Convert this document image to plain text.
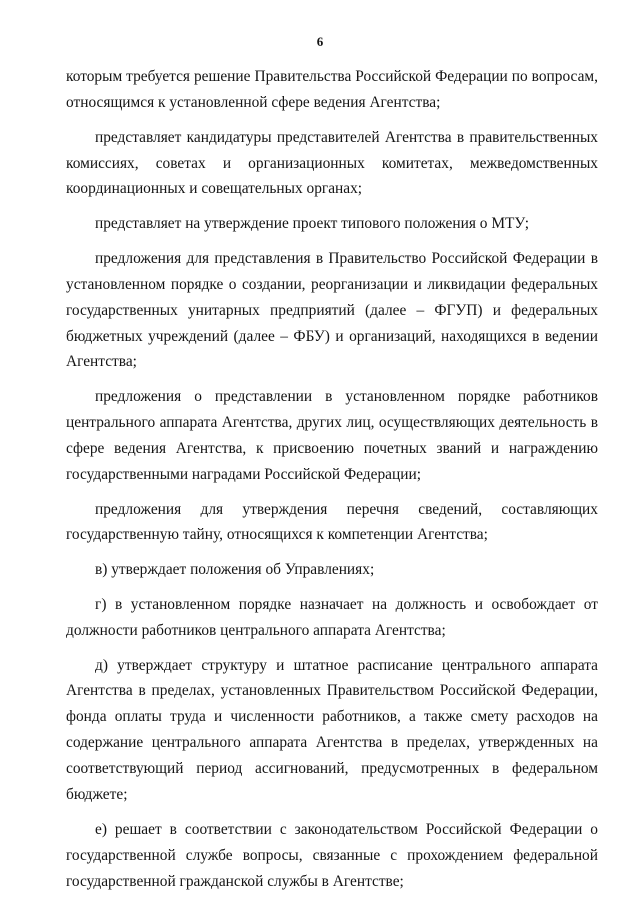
6

которым требуется решение Правительства Российской Федерации по вопросам, относящимся к установленной сфере ведения Агентства;

представляет кандидатуры представителей Агентства в правительственных комиссиях, советах и организационных комитетах, межведомственных координационных и совещательных органах;

представляет на утверждение проект типового положения о МТУ;

предложения для представления в Правительство Российской Федерации в установленном порядке о создании, реорганизации и ликвидации федеральных государственных унитарных предприятий (далее – ФГУП) и федеральных бюджетных учреждений (далее – ФБУ) и организаций, находящихся в ведении Агентства;

предложения о представлении в установленном порядке работников центрального аппарата Агентства, других лиц, осуществляющих деятельность в сфере ведения Агентства, к присвоению почетных званий и награждению государственными наградами Российской Федерации;

предложения для утверждения перечня сведений, составляющих государственную тайну, относящихся к компетенции Агентства;

в) утверждает положения об Управлениях;

г) в установленном порядке назначает на должность и освобождает от должности работников центрального аппарата Агентства;

д) утверждает структуру и штатное расписание центрального аппарата Агентства в пределах, установленных Правительством Российской Федерации, фонда оплаты труда и численности работников, а также смету расходов на содержание центрального аппарата Агентства в пределах, утвержденных на соответствующий период ассигнований, предусмотренных в федеральном бюджете;

е) решает в соответствии с законодательством Российской Федерации о государственной службе вопросы, связанные с прохождением федеральной государственной гражданской службы в Агентстве;
